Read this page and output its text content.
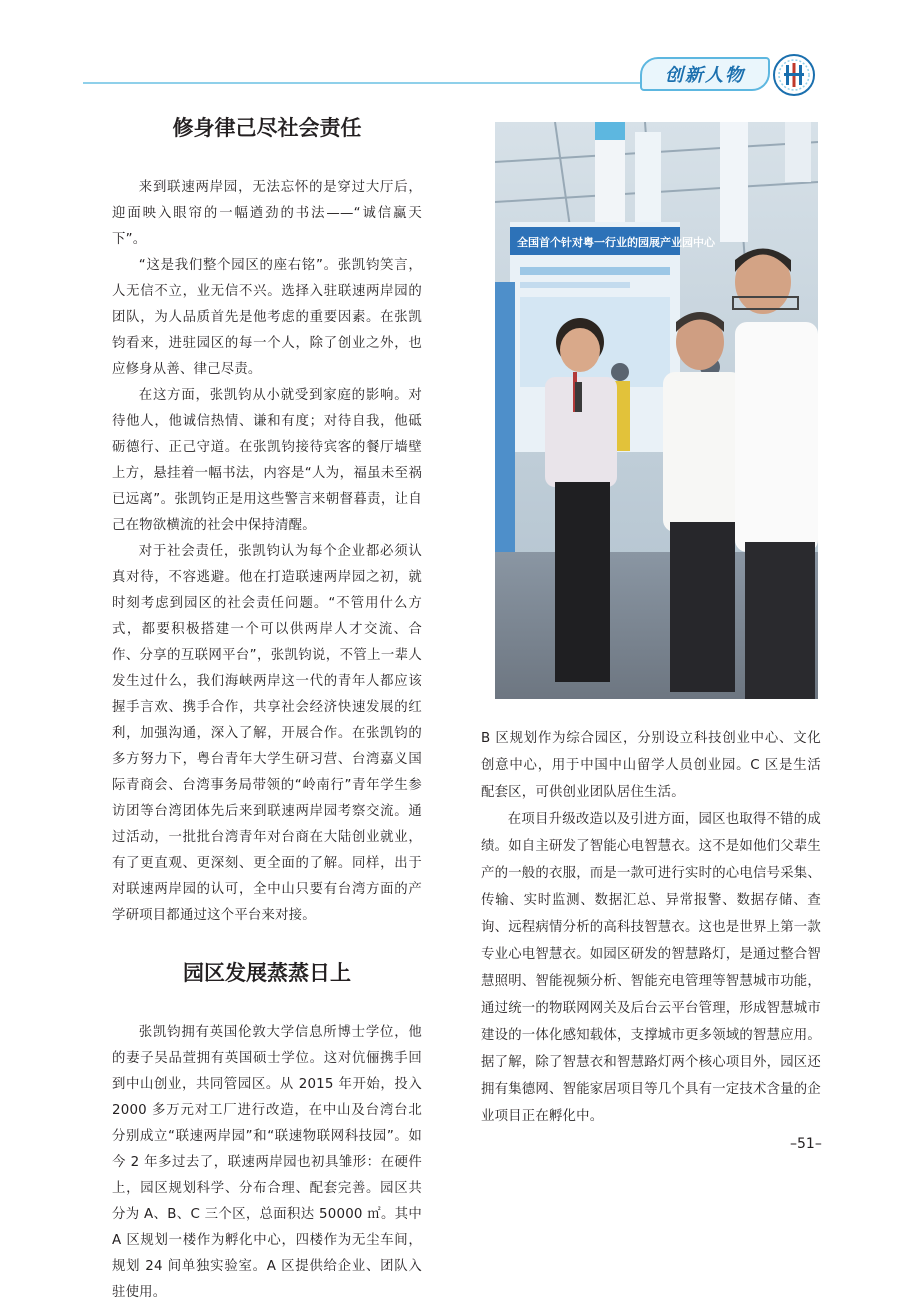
创新人物
修身律己尽社会责任

来到联速两岸园，无法忘怀的是穿过大厅后，迎面映入眼帘的一幅遒劲的书法——“诚信赢天下”。

“这是我们整个园区的座右铭”。张凯钧笑言，人无信不立，业无信不兴。选择入驻联速两岸园的团队，为人品质首先是他考虑的重要因素。在张凯钧看来，进驻园区的每一个人，除了创业之外，也应修身从善、律己尽责。

在这方面，张凯钧从小就受到家庭的影响。对待他人，他诚信热情、谦和有度；对待自我，他砥砺德行、正己守道。在张凯钧接待宾客的餐厅墙壁上方，悬挂着一幅书法，内容是“人为，福虽未至祸已远离”。张凯钧正是用这些警言来朝督暮责，让自己在物欲横流的社会中保持清醒。

对于社会责任，张凯钧认为每个企业都必须认真对待，不容逃避。他在打造联速两岸园之初，就时刻考虑到园区的社会责任问题。“不管用什么方式，都要积极搭建一个可以供两岸人才交流、合作、分享的互联网平台”，张凯钧说，不管上一辈人发生过什么，我们海峡两岸这一代的青年人都应该握手言欢、携手合作，共享社会经济快速发展的红利，加强沟通，深入了解，开展合作。在张凯钧的多方努力下，粤台青年大学生研习营、台湾嘉义国际青商会、台湾事务局带领的“岭南行”青年学生参访团等台湾团体先后来到联速两岸园考察交流。通过活动，一批批台湾青年对台商在大陆创业就业，有了更直观、更深刻、更全面的了解。同样，出于对联速两岸园的认可，全中山只要有台湾方面的产学研项目都通过这个平台来对接。

园区发展蒸蒸日上

张凯钧拥有英国伦敦大学信息所博士学位，他的妻子吴品萱拥有英国硕士学位。这对伉俪携手回到中山创业，共同管园区。从 2015 年开始，投入 2000 多万元对工厂进行改造，在中山及台湾台北分别成立“联速两岸园”和“联速物联网科技园”。如今 2 年多过去了，联速两岸园也初具雏形：在硬件上，园区规划科学、分布合理、配套完善。园区共分为 A、B、C 三个区，总面积达 50000 ㎡。其中 A 区规划一楼作为孵化中心，四楼作为无尘车间，规划 24 间单独实验室。A 区提供给企业、团队入驻使用。

全国首个针对粤一行业的园展产业园中心

B 区规划作为综合园区，分别设立科技创业中心、文化创意中心，用于中国中山留学人员创业园。C 区是生活配套区，可供创业团队居住生活。

在项目升级改造以及引进方面，园区也取得不错的成绩。如自主研发了智能心电智慧衣。这不是如他们父辈生产的一般的衣服，而是一款可进行实时的心电信号采集、传输、实时监测、数据汇总、异常报警、数据存储、查询、远程病情分析的高科技智慧衣。这也是世界上第一款专业心电智慧衣。如园区研发的智慧路灯，是通过整合智慧照明、智能视频分析、智能充电管理等智慧城市功能，通过统一的物联网网关及后台云平台管理，形成智慧城市建设的一体化感知载体，支撑城市更多领域的智慧应用。据了解，除了智慧衣和智慧路灯两个核心项目外，园区还拥有集德网、智能家居项目等几个具有一定技术含量的企业项目正在孵化中。

–51–
